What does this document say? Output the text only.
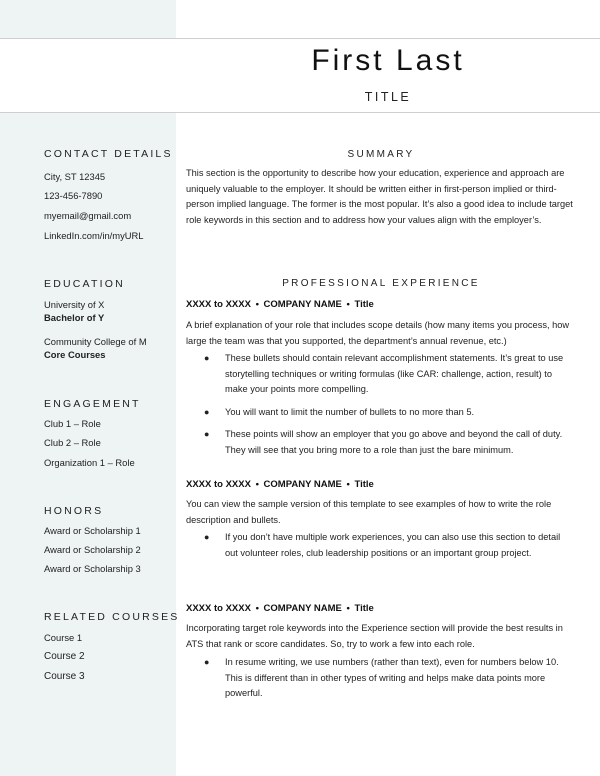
First Last
TITLE
CONTACT DETAILS
City, ST 12345
123-456-7890
myemail@gmail.com
LinkedIn.com/in/myURL
EDUCATION
University of X
Bachelor of Y
Community College of M
Core Courses
ENGAGEMENT
Club 1 – Role
Club 2 – Role
Organization 1 – Role
HONORS
Award or Scholarship 1
Award or Scholarship 2
Award or Scholarship 3
RELATED COURSES
Course 1
Course 2
Course 3
SUMMARY

This section is the opportunity to describe how your education, experience and approach are uniquely valuable to the employer. It should be written either in first-person implied or third-person implied language. The former is the most popular. It’s also a good idea to include target role keywords in this section and to address how your values align with the employer’s.

PROFESSIONAL EXPERIENCE
XXXX to XXXX • COMPANY NAME • Title

A brief explanation of your role that includes scope details (how many items you process, how large the team was that you supported, the department’s annual revenue, etc.)

● These bullets should contain relevant accomplishment statements. It’s great to use storytelling techniques or writing formulas (like CAR: challenge, action, result) to make your points more compelling.
● You will want to limit the number of bullets to no more than 5.
● These points will show an employer that you go above and beyond the call of duty. They will see that you bring more to a role than just the bare minimum.
XXXX to XXXX • COMPANY NAME • Title

You can view the sample version of this template to see examples of how to write the role description and bullets.

● If you don’t have multiple work experiences, you can also use this section to detail out volunteer roles, club leadership positions or an important group project.
XXXX to XXXX • COMPANY NAME • Title

Incorporating target role keywords into the Experience section will provide the best results in ATS that rank or score candidates. So, try to work a few into each role.

● In resume writing, we use numbers (rather than text), even for numbers below 10. This is different than in other types of writing and helps make data points more powerful.
